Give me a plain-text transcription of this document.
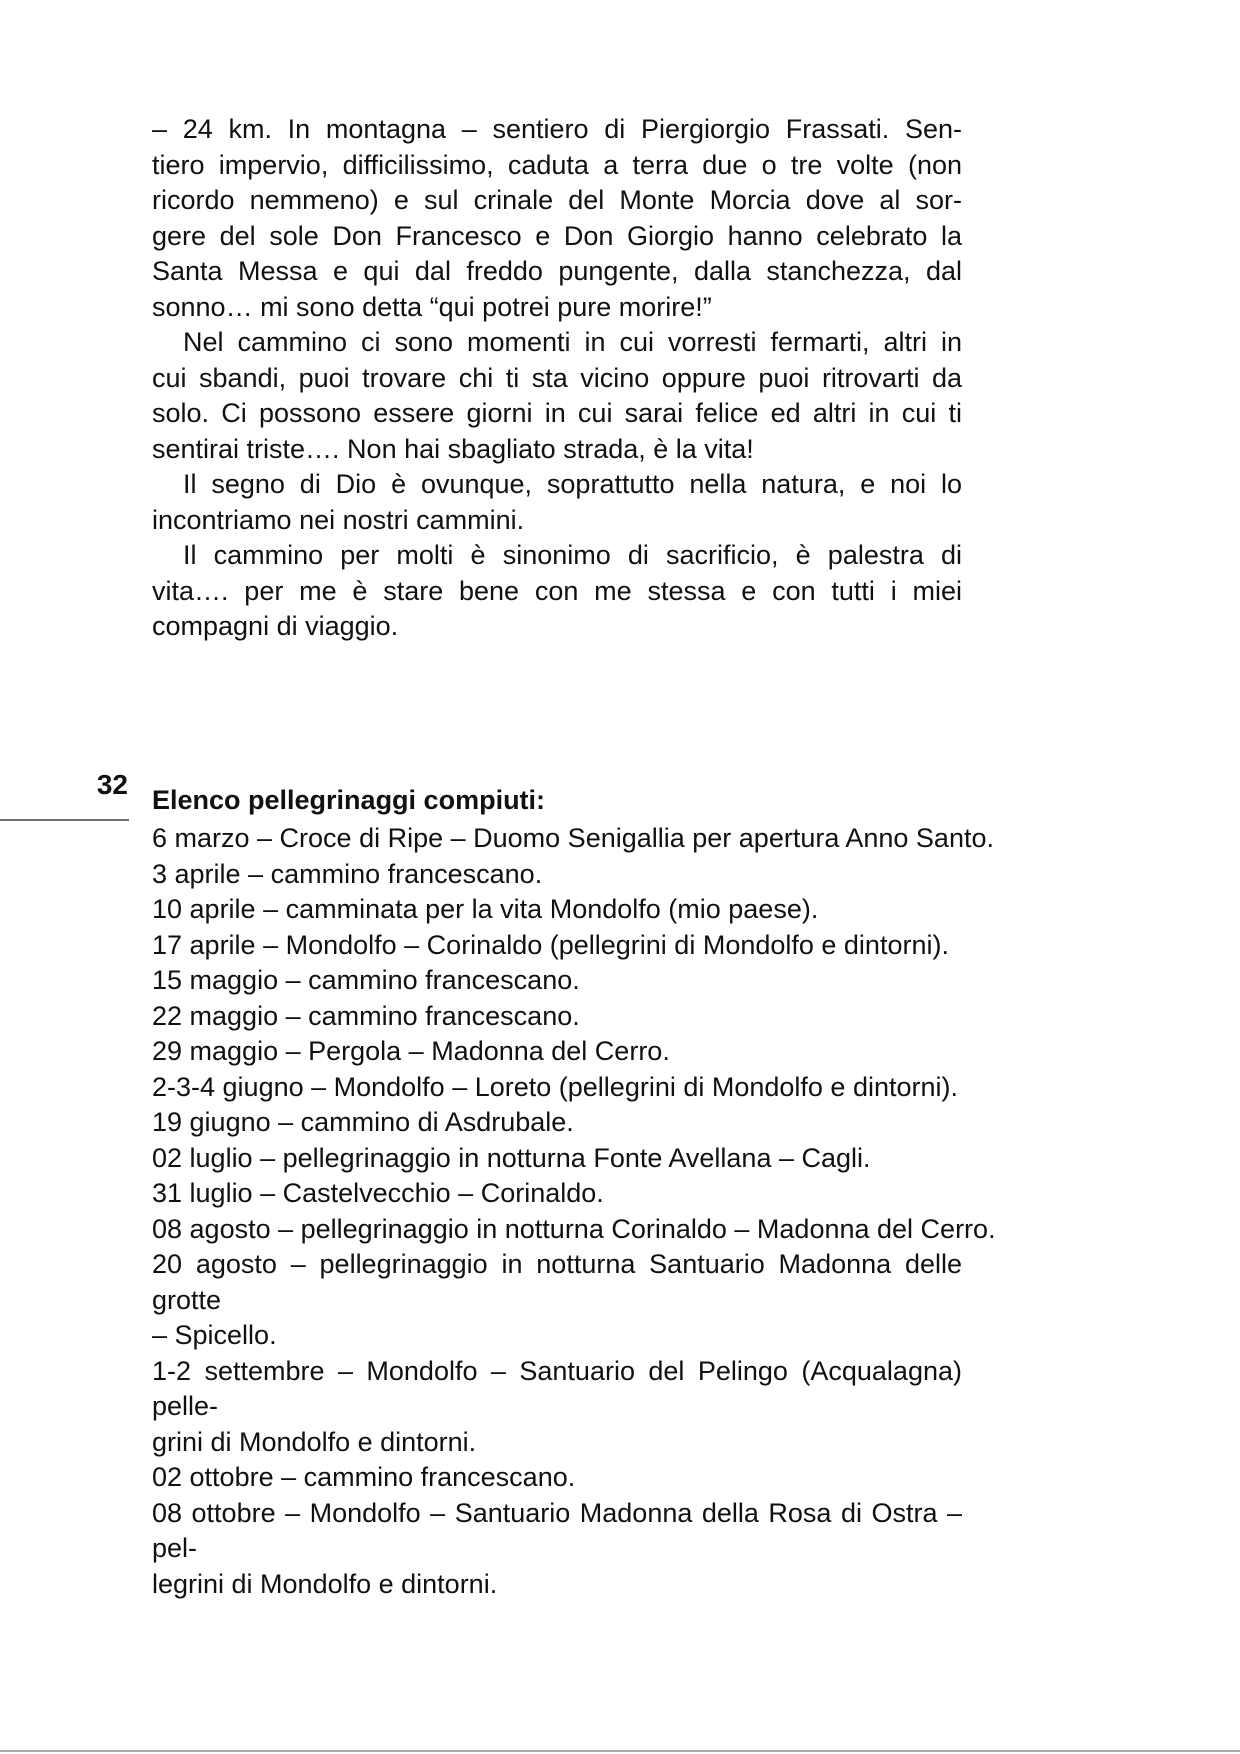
32
– 24 km. In montagna – sentiero di Piergiorgio Frassati. Sen-
tiero impervio, difficilissimo, caduta a terra due o tre volte (non
ricordo nemmeno) e sul crinale del Monte Morcia dove al sor-
gere del sole Don Francesco e Don Giorgio hanno celebrato la
Santa Messa e qui dal freddo pungente, dalla stanchezza, dal
sonno… mi sono detta “qui potrei pure morire!”
Nel cammino ci sono momenti in cui vorresti fermarti, altri in
cui sbandi, puoi trovare chi ti sta vicino oppure puoi ritrovarti da
solo. Ci possono essere giorni in cui sarai felice ed altri in cui ti
sentirai triste…. Non hai sbagliato strada, è la vita!
Il segno di Dio è ovunque, soprattutto nella natura, e noi lo
incontriamo nei nostri cammini.
Il cammino per molti è sinonimo di sacrificio, è palestra di
vita…. per me è stare bene con me stessa e con tutti i miei
compagni di viaggio.
Elenco pellegrinaggi compiuti:
6 marzo – Croce di Ripe – Duomo Senigallia per apertura Anno Santo.
3 aprile – cammino francescano.
10 aprile – camminata per la vita Mondolfo (mio paese).
17 aprile – Mondolfo – Corinaldo (pellegrini di Mondolfo e dintorni).
15 maggio – cammino francescano.
22 maggio – cammino francescano.
29 maggio – Pergola – Madonna del Cerro.
2-3-4 giugno – Mondolfo – Loreto (pellegrini di Mondolfo e dintorni).
19 giugno – cammino di Asdrubale.
02 luglio – pellegrinaggio in notturna Fonte Avellana – Cagli.
31 luglio – Castelvecchio – Corinaldo.
08 agosto – pellegrinaggio in notturna Corinaldo – Madonna del Cerro.
20 agosto – pellegrinaggio in notturna Santuario Madonna delle grotte
– Spicello.
1-2 settembre – Mondolfo – Santuario del Pelingo (Acqualagna) pelle-
grini di Mondolfo e dintorni.
02 ottobre – cammino francescano.
08 ottobre – Mondolfo – Santuario Madonna della Rosa di Ostra – pel-
legrini di Mondolfo e dintorni.
